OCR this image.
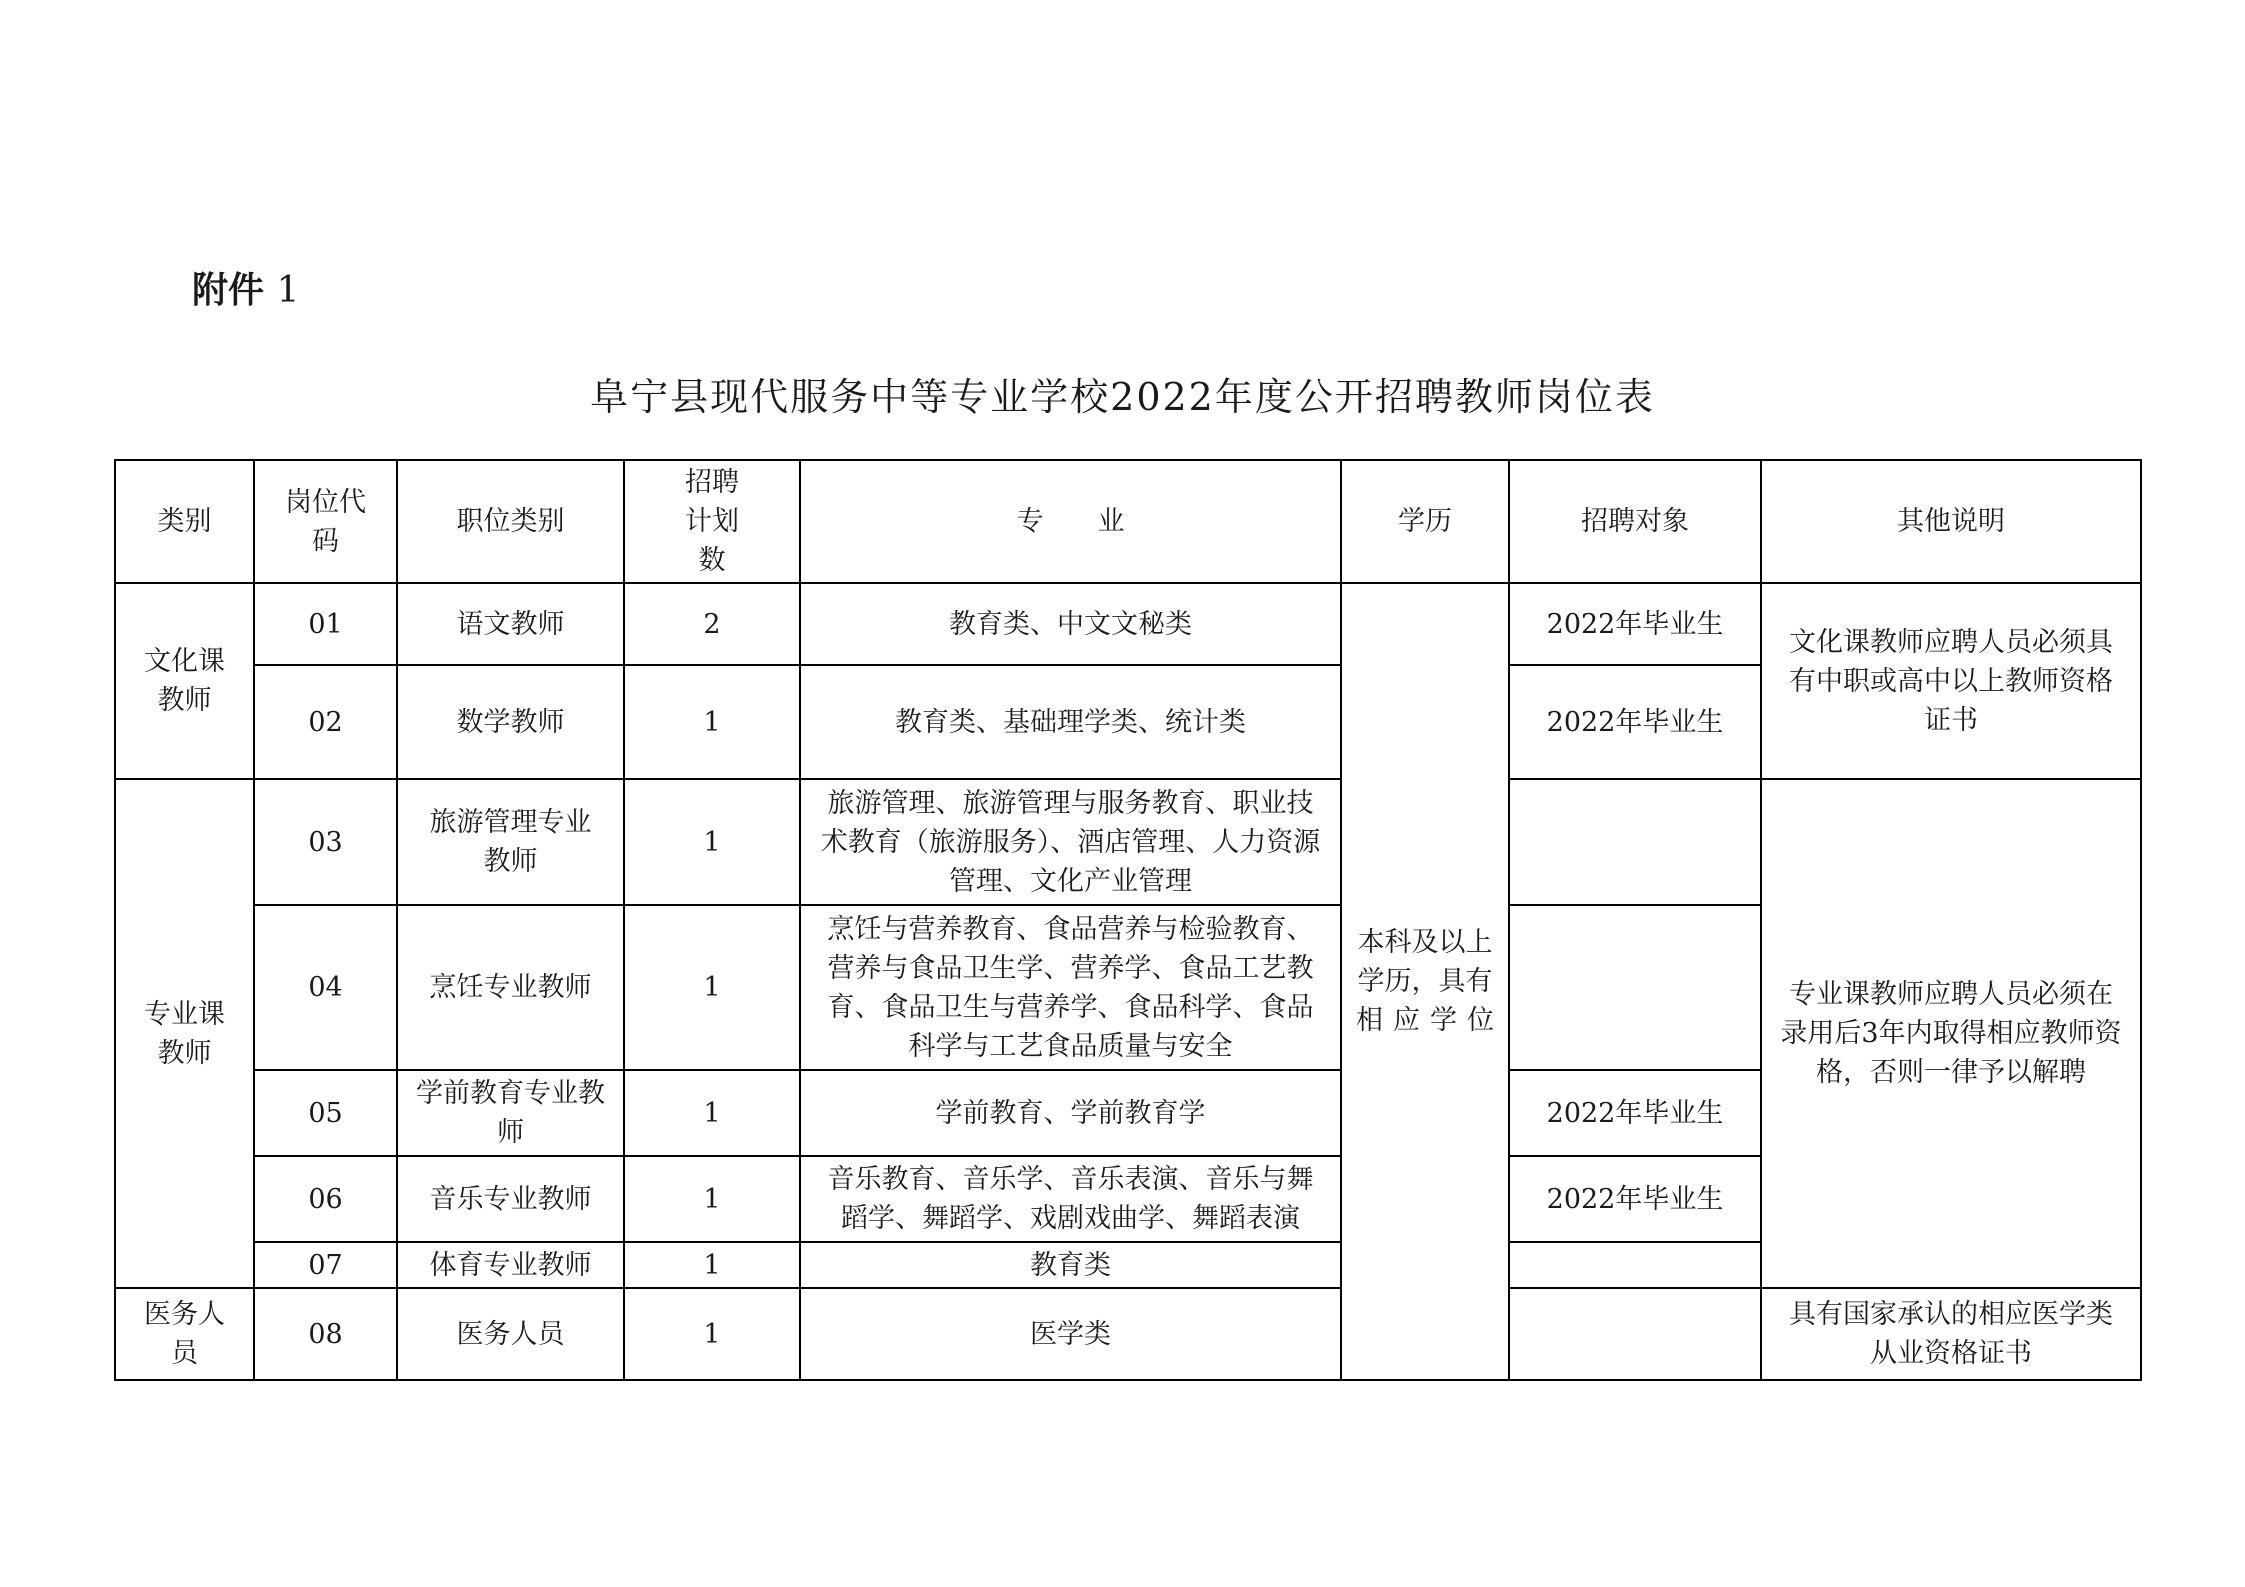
附件 1
阜宁县现代服务中等专业学校2022年度公开招聘教师岗位表
类别	岗位代码	职位类别	招聘计划数	专　　业	学历	招聘对象	其他说明
文化课教师	01	语文教师	2	教育类、中文文秘类	本科及以上学历，具有相应学位	2022年毕业生	文化课教师应聘人员必须具有中职或高中以上教师资格证书
	02	数学教师	1	教育类、基础理学类、统计类		2022年毕业生	
专业课教师	03	旅游管理专业教师	1	旅游管理、旅游管理与服务教育、职业技术教育（旅游服务）、酒店管理、人力资源管理、文化产业管理			专业课教师应聘人员必须在录用后3年内取得相应教师资格，否则一律予以解聘
	04	烹饪专业教师	1	烹饪与营养教育、食品营养与检验教育、营养与食品卫生学、营养学、食品工艺教育、食品卫生与营养学、食品科学、食品科学与工艺食品质量与安全			
	05	学前教育专业教师	1	学前教育、学前教育学		2022年毕业生	
	06	音乐专业教师	1	音乐教育、音乐学、音乐表演、音乐与舞蹈学、舞蹈学、戏剧戏曲学、舞蹈表演		2022年毕业生	
	07	体育专业教师	1	教育类			
医务人员	08	医务人员	1	医学类			具有国家承认的相应医学类从业资格证书
